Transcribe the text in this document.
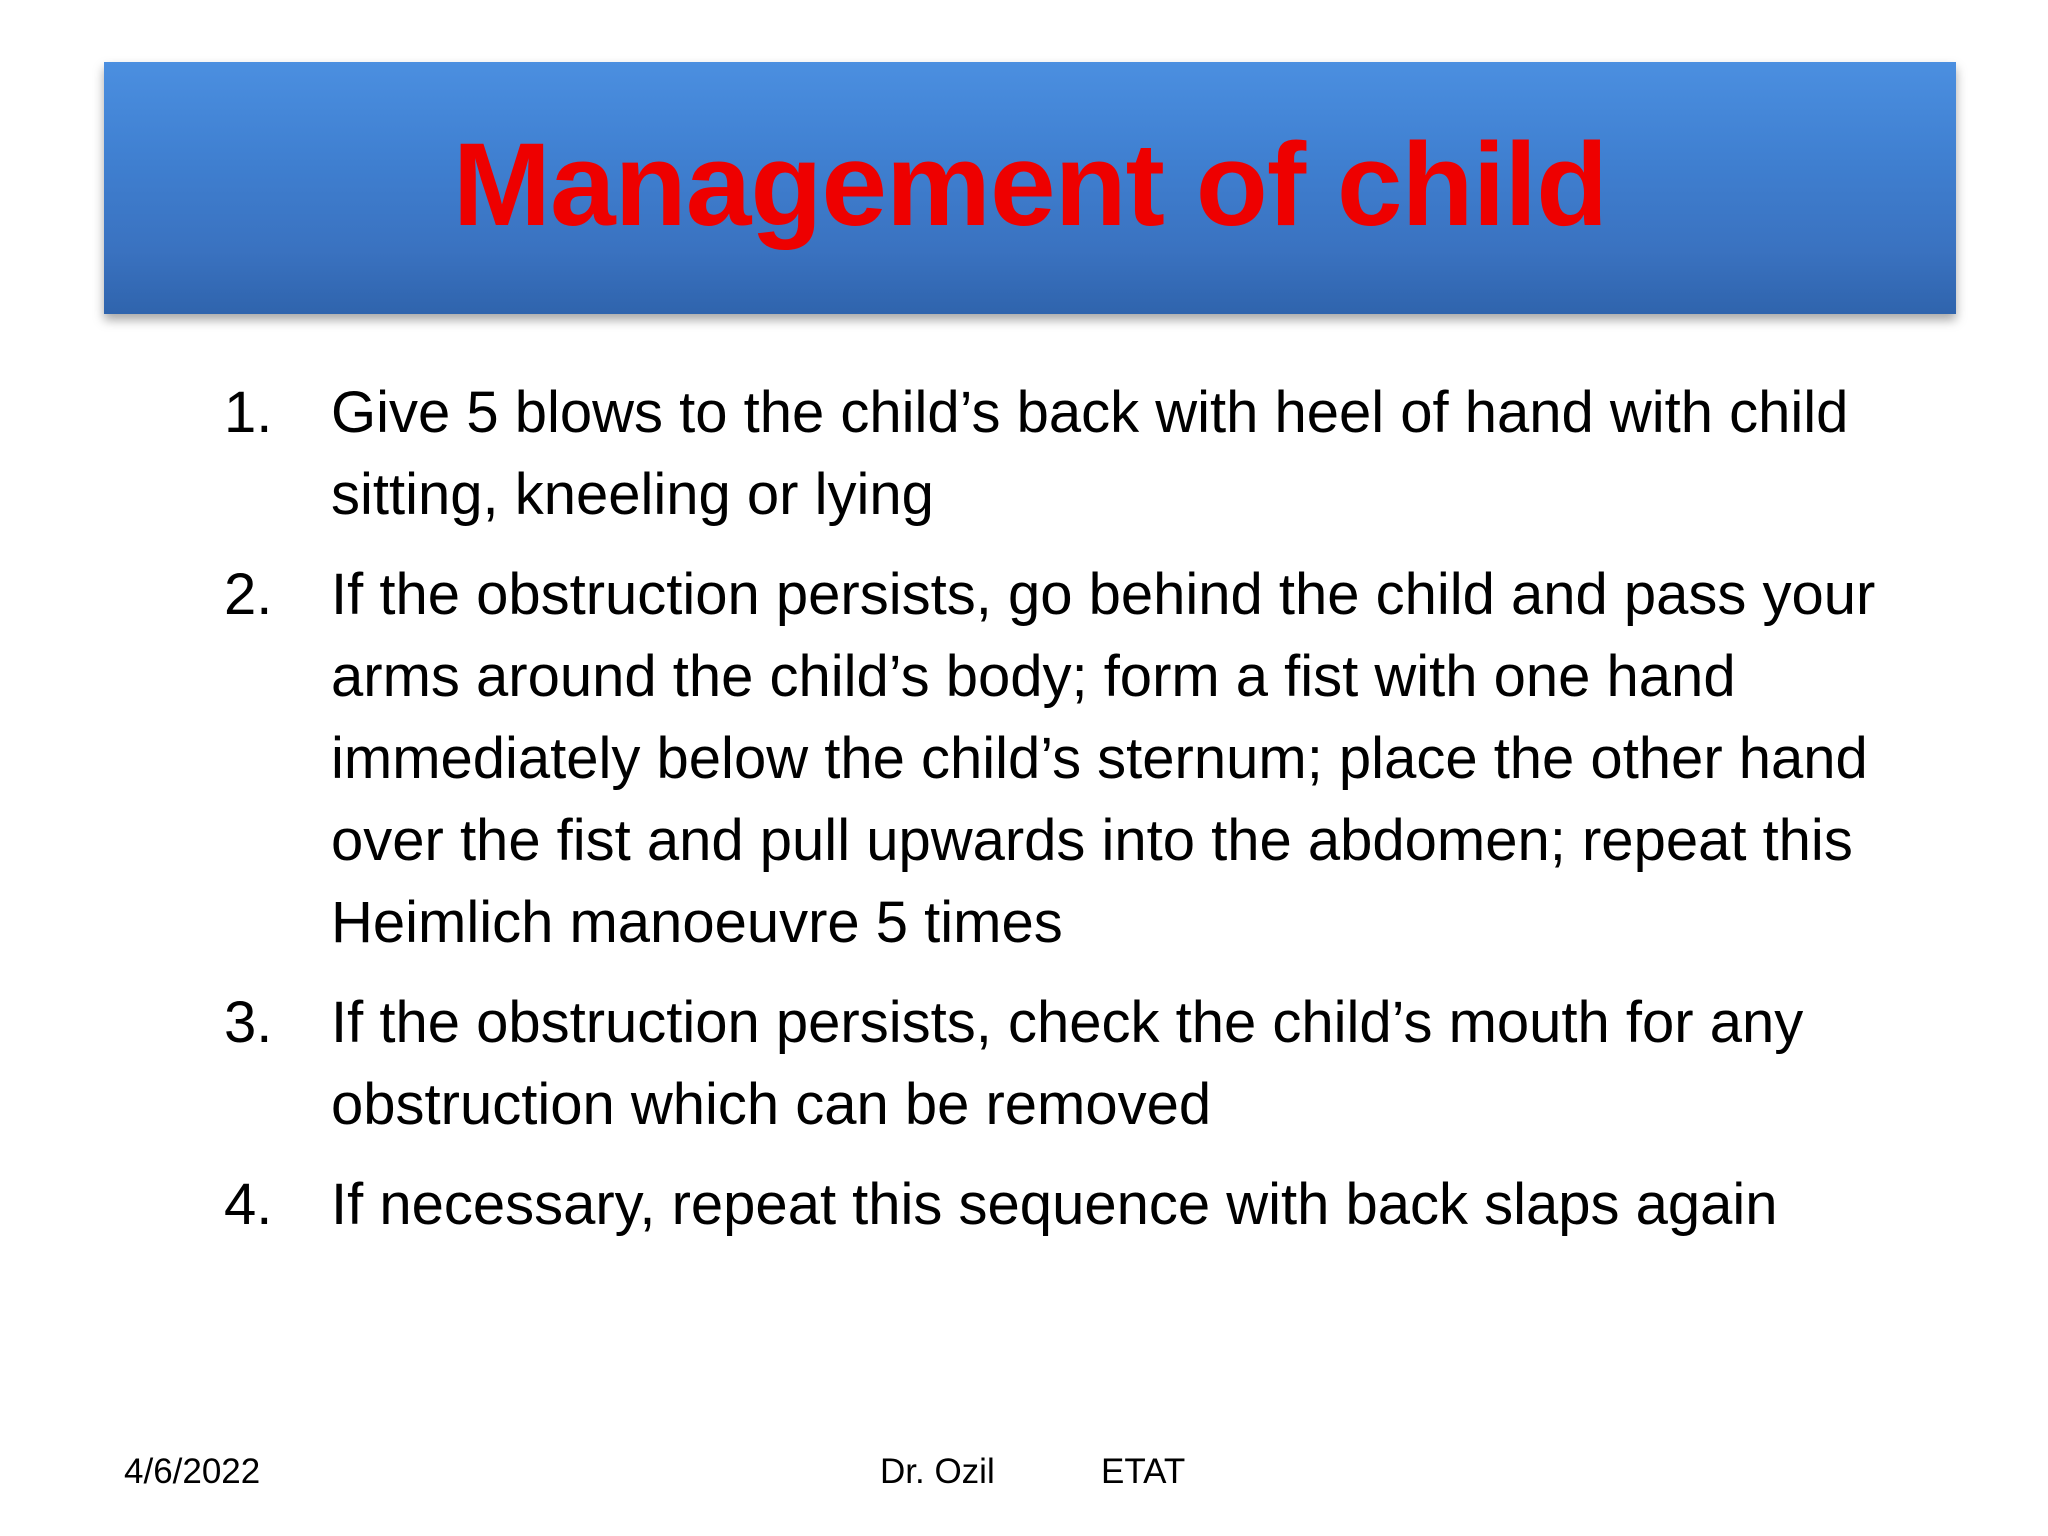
Management of child
1.	Give 5 blows to the child’s back with heel of hand with child sitting, kneeling or lying
2.	If the obstruction persists, go behind the child and pass your arms around the child’s body; form a fist with one hand immediately below the child’s sternum; place the other hand over the fist and pull upwards into the abdomen; repeat this Heimlich manoeuvre 5 times
3.	If the obstruction persists, check the child’s mouth for any obstruction which can be removed
4.	If necessary, repeat this sequence with back slaps again
4/6/2022	Dr. Ozil	ETAT
